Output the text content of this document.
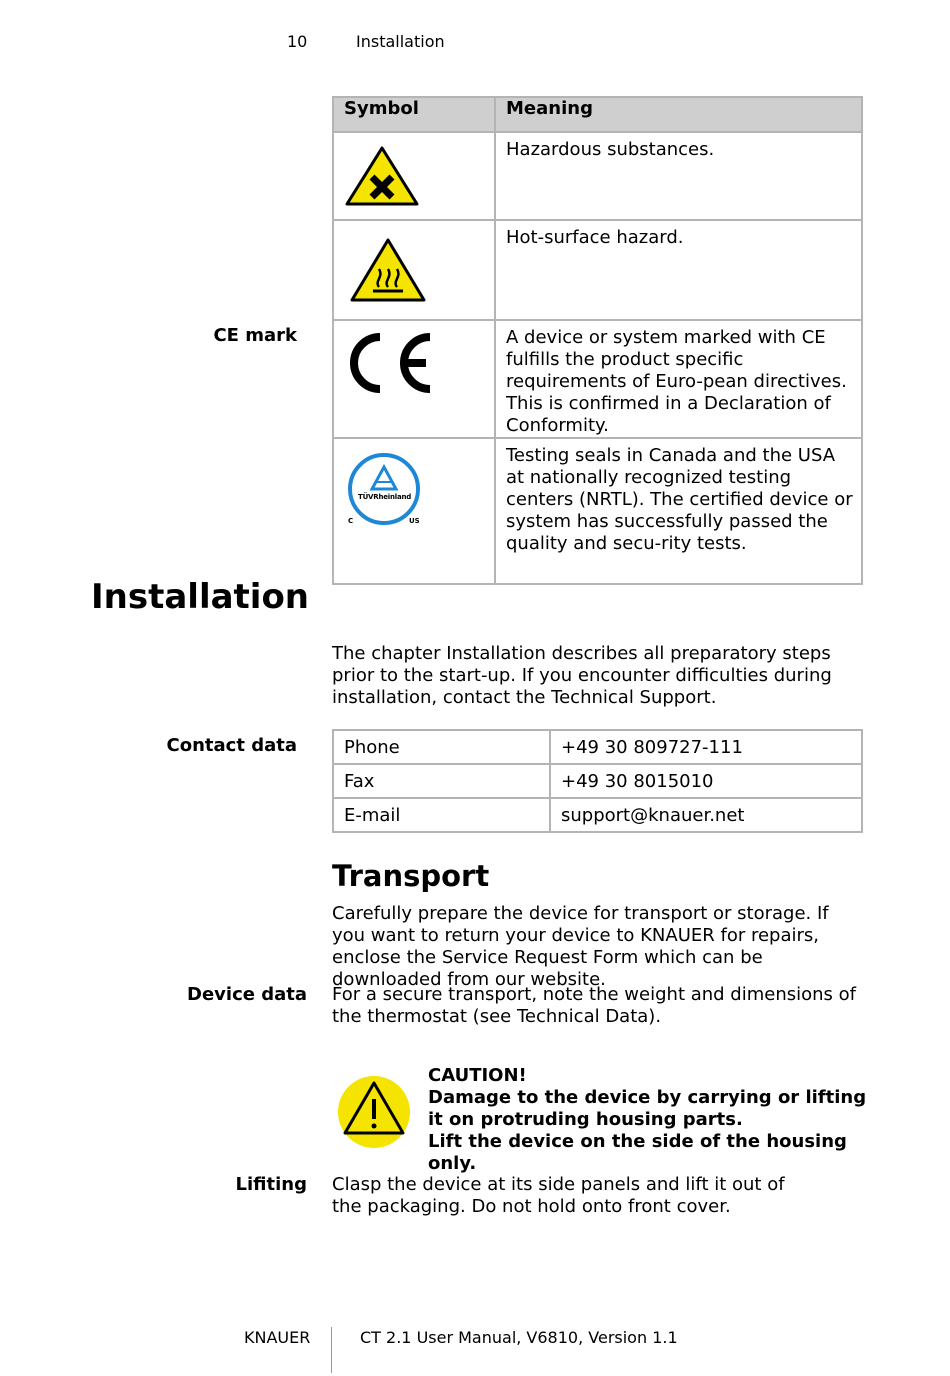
10	Installation
Symbol	Meaning

	Hazardous substances.

	Hot-surface hazard.

	A device or system marked with CE fulfills the product specific requirements of Euro-pean directives. This is confirmed in a Declaration of Conformity.

TÜVRheinland
C US	Testing seals in Canada and the USA at nationally recognized testing centers (NRTL). The certified device or system has successfully passed the quality and secu-rity tests.
CE mark
Installation
The chapter Installation describes all preparatory steps prior to the start-up. If you encounter difficulties during installation, contact the Technical Support.
Contact data	Phone	+49 30 809727-111
Fax	+49 30 8015010
E-mail	support@knauer.net
Transport
Carefully prepare the device for transport or storage. If you want to return your device to KNAUER for repairs, enclose the Service Request Form which can be downloaded from our website.
Device data For a secure transport, note the weight and dimensions of the thermostat (see Technical Data).
CAUTION!
Damage to the device by carrying or lifting it on protruding housing parts.
Lift the device on the side of the housing only.
Lifiting Clasp the device at its side panels and lift it out of the packaging. Do not hold onto front cover.
KNAUER	CT 2.1 User Manual, V6810, Version 1.1
